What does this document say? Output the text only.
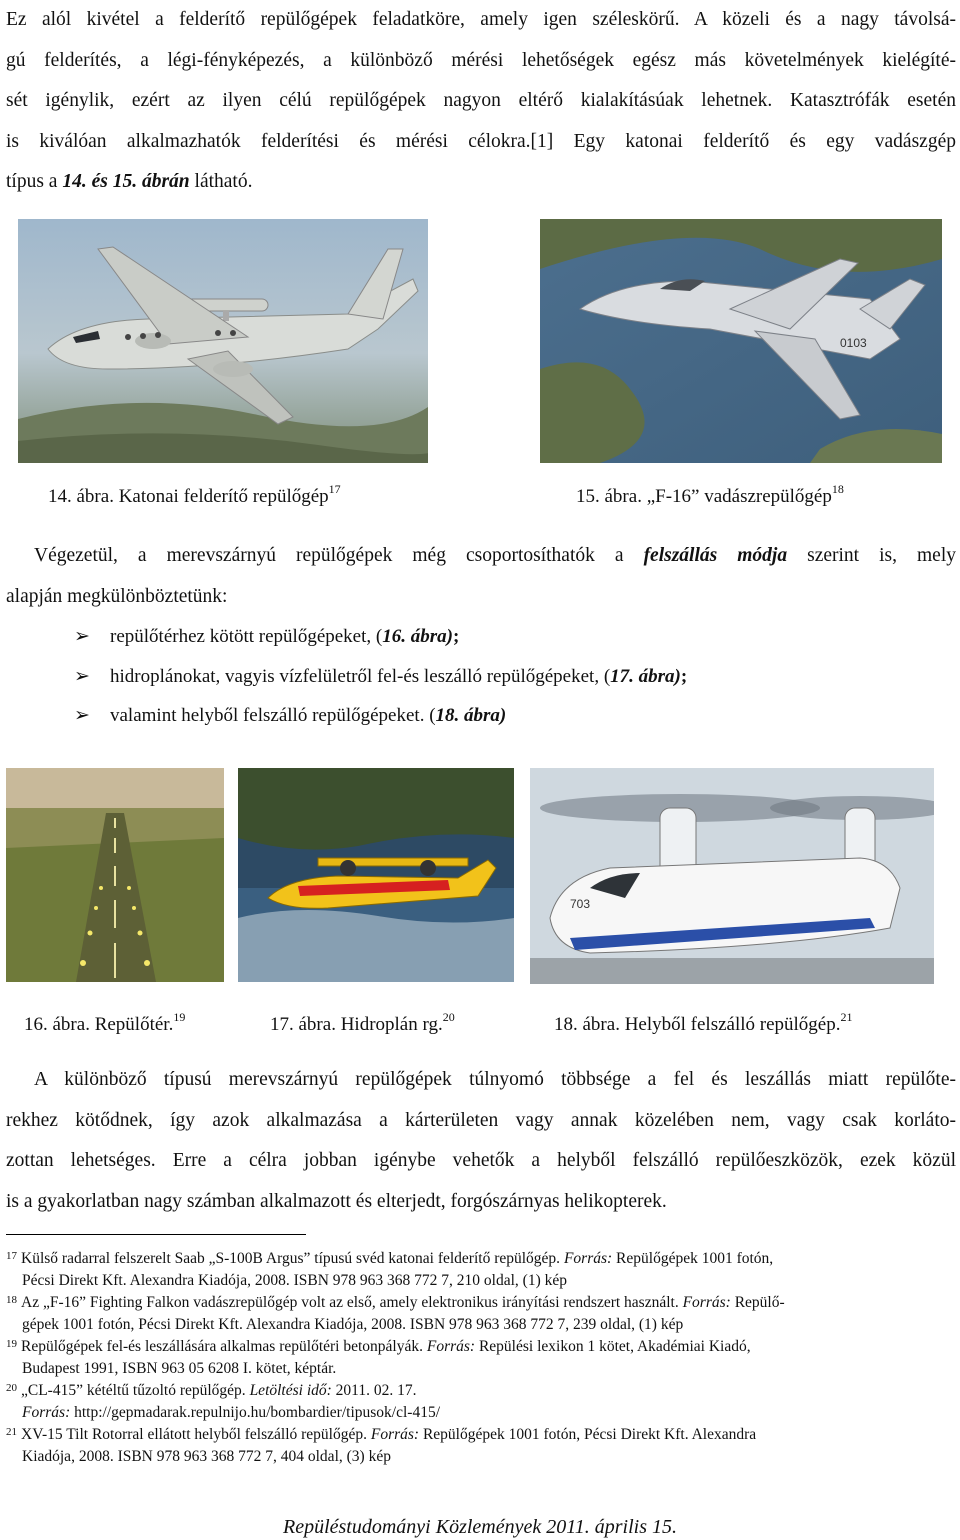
Ez alól kivétel a felderítő repülőgépek feladatköre, amely igen széleskörű. A közeli és a nagy távolsá-
gú felderítés, a légi-fényképezés, a különböző mérési lehetőségek egész más követelmények kielégíté-
sét igénylik, ezért az ilyen célú repülőgépek nagyon eltérő kialakításúak lehetnek. Katasztrófák esetén
is kiválóan alkalmazhatók felderítési és mérési célokra.[1] Egy katonai felderítő és egy vadászgép
típus a 14. és 15. ábrán látható.
0103
14. ábra. Katonai felderítő repülőgép$^{17}$	15. ábra. „F-16” vadászrepülőgép$^{18}$
Végezetül, a merevszárnyú repülőgépek még csoportosíthatók a felszállás módja szerint is, mely
alapján megkülönböztetünk:
➢ repülőtérhez kötött repülőgépeket, (16. ábra);
➢ hidroplánokat, vagyis vízfelületről fel-és leszálló repülőgépeket, (17. ábra);
➢ valamint helyből felszálló repülőgépeket. (18. ábra)
703
16. ábra. Repülőtér.$^{19}$	17. ábra. Hidroplán rg.$^{20}$	18. ábra. Helyből felszálló repülőgép.$^{21}$
A különböző típusú merevszárnyú repülőgépek túlnyomó többsége a fel és leszállás miatt repülőte-
rekhez kötődnek, így azok alkalmazása a kárterületen vagy annak közelében nem, vagy csak korláto-
zottan lehetséges. Erre a célra jobban igénybe vehetők a helyből felszálló repülőeszközök, ezek közül
is a gyakorlatban nagy számban alkalmazott és elterjedt, forgószárnyas helikopterek.
$^{17}$ Külső radarral felszerelt Saab „S-100B Argus” típusú svéd katonai felderítő repülőgép. Forrás: Repülőgépek 1001 fotón,
Pécsi Direkt Kft. Alexandra Kiadója, 2008. ISBN 978 963 368 772 7, 210 oldal, (1) kép
$^{18}$ Az „F-16” Fighting Falkon vadászrepülőgép volt az első, amely elektronikus irányítási rendszert használt. Forrás: Repülő-
gépek 1001 fotón, Pécsi Direkt Kft. Alexandra Kiadója, 2008. ISBN 978 963 368 772 7, 239 oldal, (1) kép
$^{19}$ Repülőgépek fel-és leszállására alkalmas repülőtéri betonpályák. Forrás: Repülési lexikon 1 kötet, Akadémiai Kiadó,
Budapest 1991, ISBN 963 05 6208 I. kötet, képtár.
$^{20}$ „CL-415” kétéltű tűzoltó repülőgép. Letöltési idő: 2011. 02. 17.
Forrás: http://gepmadarak.repulnijo.hu/bombardier/tipusok/cl-415/
$^{21}$ XV-15 Tilt Rotorral ellátott helyből felszálló repülőgép. Forrás: Repülőgépek 1001 fotón, Pécsi Direkt Kft. Alexandra
Kiadója, 2008. ISBN 978 963 368 772 7, 404 oldal, (3) kép
Repüléstudományi Közlemények 2011. április 15.
